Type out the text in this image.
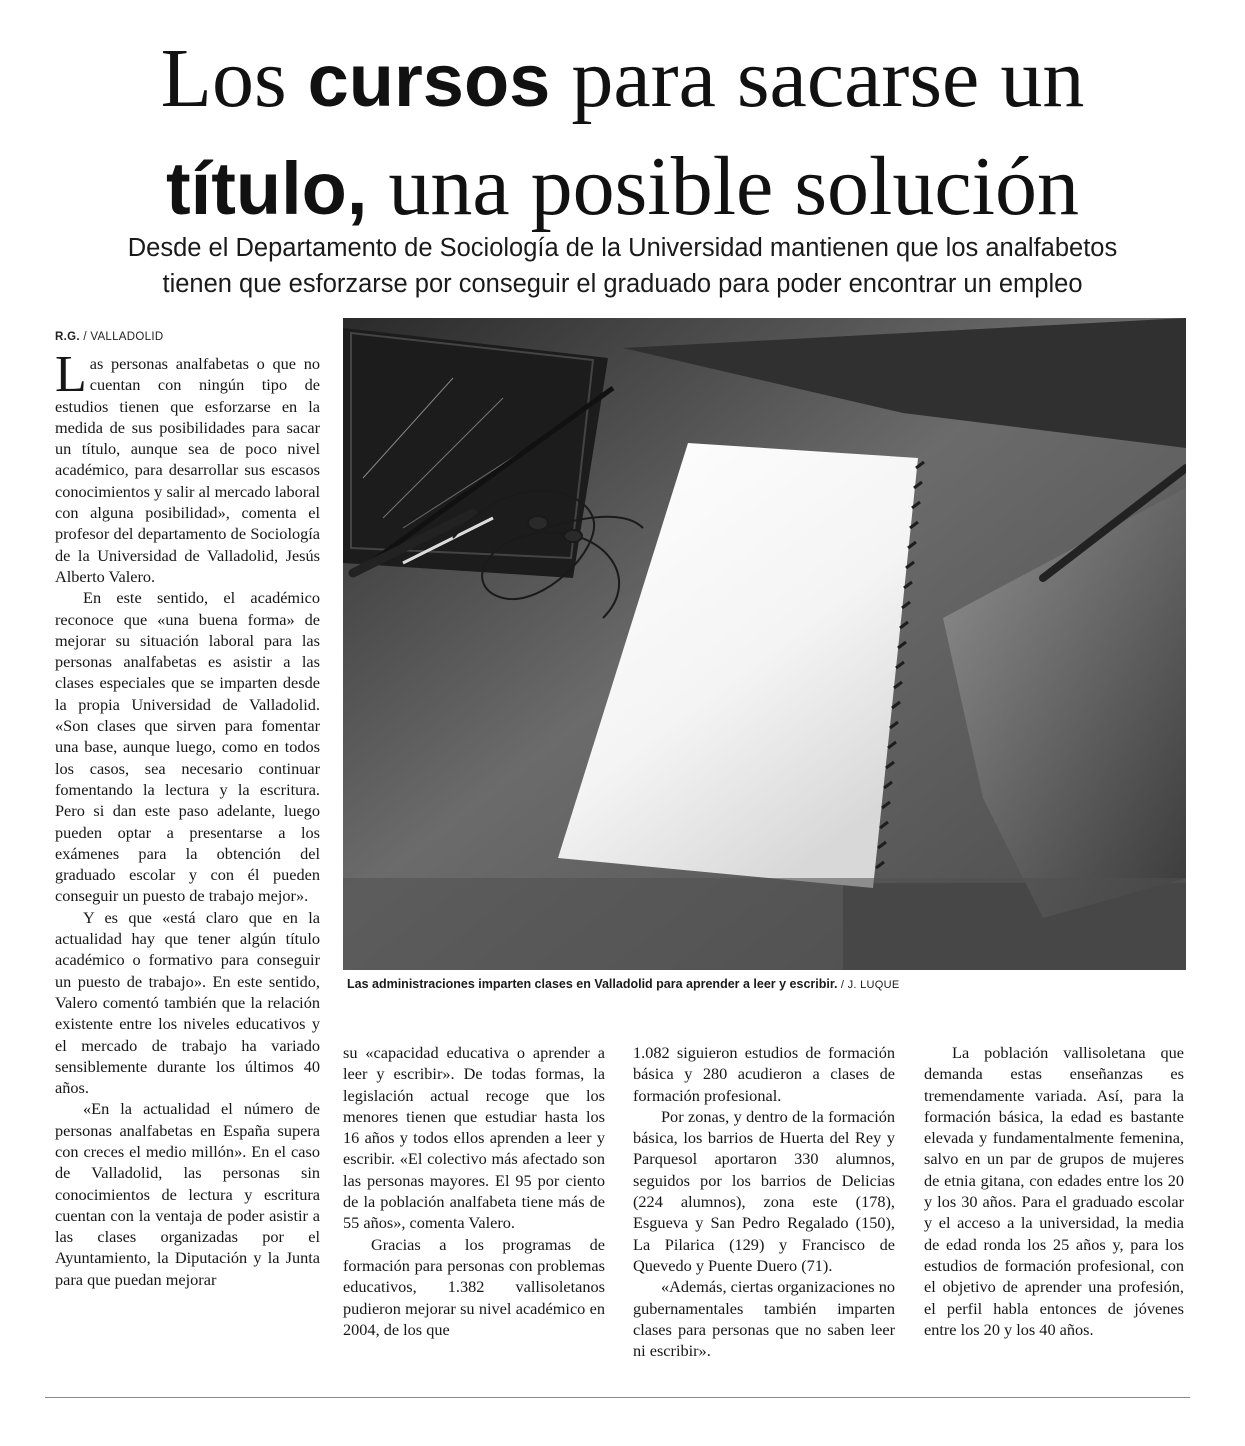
Los cursos para sacarse un
título, una posible solución
Desde el Departamento de Sociología de la Universidad mantienen que los analfabetos
tienen que esforzarse por conseguir el graduado para poder encontrar un empleo
R.G. / VALLADOLID

Las personas analfabetas o que no cuentan con ningún tipo de estudios tienen que esforzarse en la medida de sus posibilidades para sacar un título, aunque sea de poco nivel académico, para desarrollar sus escasos conocimientos y salir al mercado laboral con alguna posibilidad», comenta el profesor del departamento de Sociología de la Universidad de Valladolid, Jesús Alberto Valero.

En este sentido, el académico reconoce que «una buena forma» de mejorar su situación laboral para las personas analfabetas es asistir a las clases especiales que se imparten desde la propia Universidad de Valladolid. «Son clases que sirven para fomentar una base, aunque luego, como en todos los casos, sea necesario continuar fomentando la lectura y la escritura. Pero si dan este paso adelante, luego pueden optar a presentarse a los exámenes para la obtención del graduado escolar y con él pueden conseguir un puesto de trabajo mejor».

Y es que «está claro que en la actualidad hay que tener algún título académico o formativo para conseguir un puesto de trabajo». En este sentido, Valero comentó también que la relación existente entre los niveles educativos y el mercado de trabajo ha variado sensiblemente durante los últimos 40 años.

«En la actualidad el número de personas analfabetas en España supera con creces el medio millón». En el caso de Valladolid, las personas sin conocimientos de lectura y escritura cuentan con la ventaja de poder asistir a las clases organizadas por el Ayuntamiento, la Diputación y la Junta para que puedan mejorar

su «capacidad educativa o aprender a leer y escribir». De todas formas, la legislación actual recoge que los menores tienen que estudiar hasta los 16 años y todos ellos aprenden a leer y escribir. «El colectivo más afectado son las personas mayores. El 95 por ciento de la población analfabeta tiene más de 55 años», comenta Valero.

Gracias a los programas de formación para personas con problemas educativos, 1.382 vallisoletanos pudieron mejorar su nivel académico en 2004, de los que

1.082 siguieron estudios de formación básica y 280 acudieron a clases de formación profesional.

Por zonas, y dentro de la formación básica, los barrios de Huerta del Rey y Parquesol aportaron 330 alumnos, seguidos por los barrios de Delicias (224 alumnos), zona este (178), Esgueva y San Pedro Regalado (150), La Pilarica (129) y Francisco de Quevedo y Puente Duero (71).

«Además, ciertas organizaciones no gubernamentales también imparten clases para personas que no saben leer ni escribir».

La población vallisoletana que demanda estas enseñanzas es tremendamente variada. Así, para la formación básica, la edad es bastante elevada y fundamentalmente femenina, salvo en un par de grupos de mujeres de etnia gitana, con edades entre los 20 y los 30 años. Para el graduado escolar y el acceso a la universidad, la media de edad ronda los 25 años y, para los estudios de formación profesional, con el objetivo de aprender una profesión, el perfil habla entonces de jóvenes entre los 20 y los 40 años.

Las administraciones imparten clases en Valladolid para aprender a leer y escribir. / J. LUQUE
